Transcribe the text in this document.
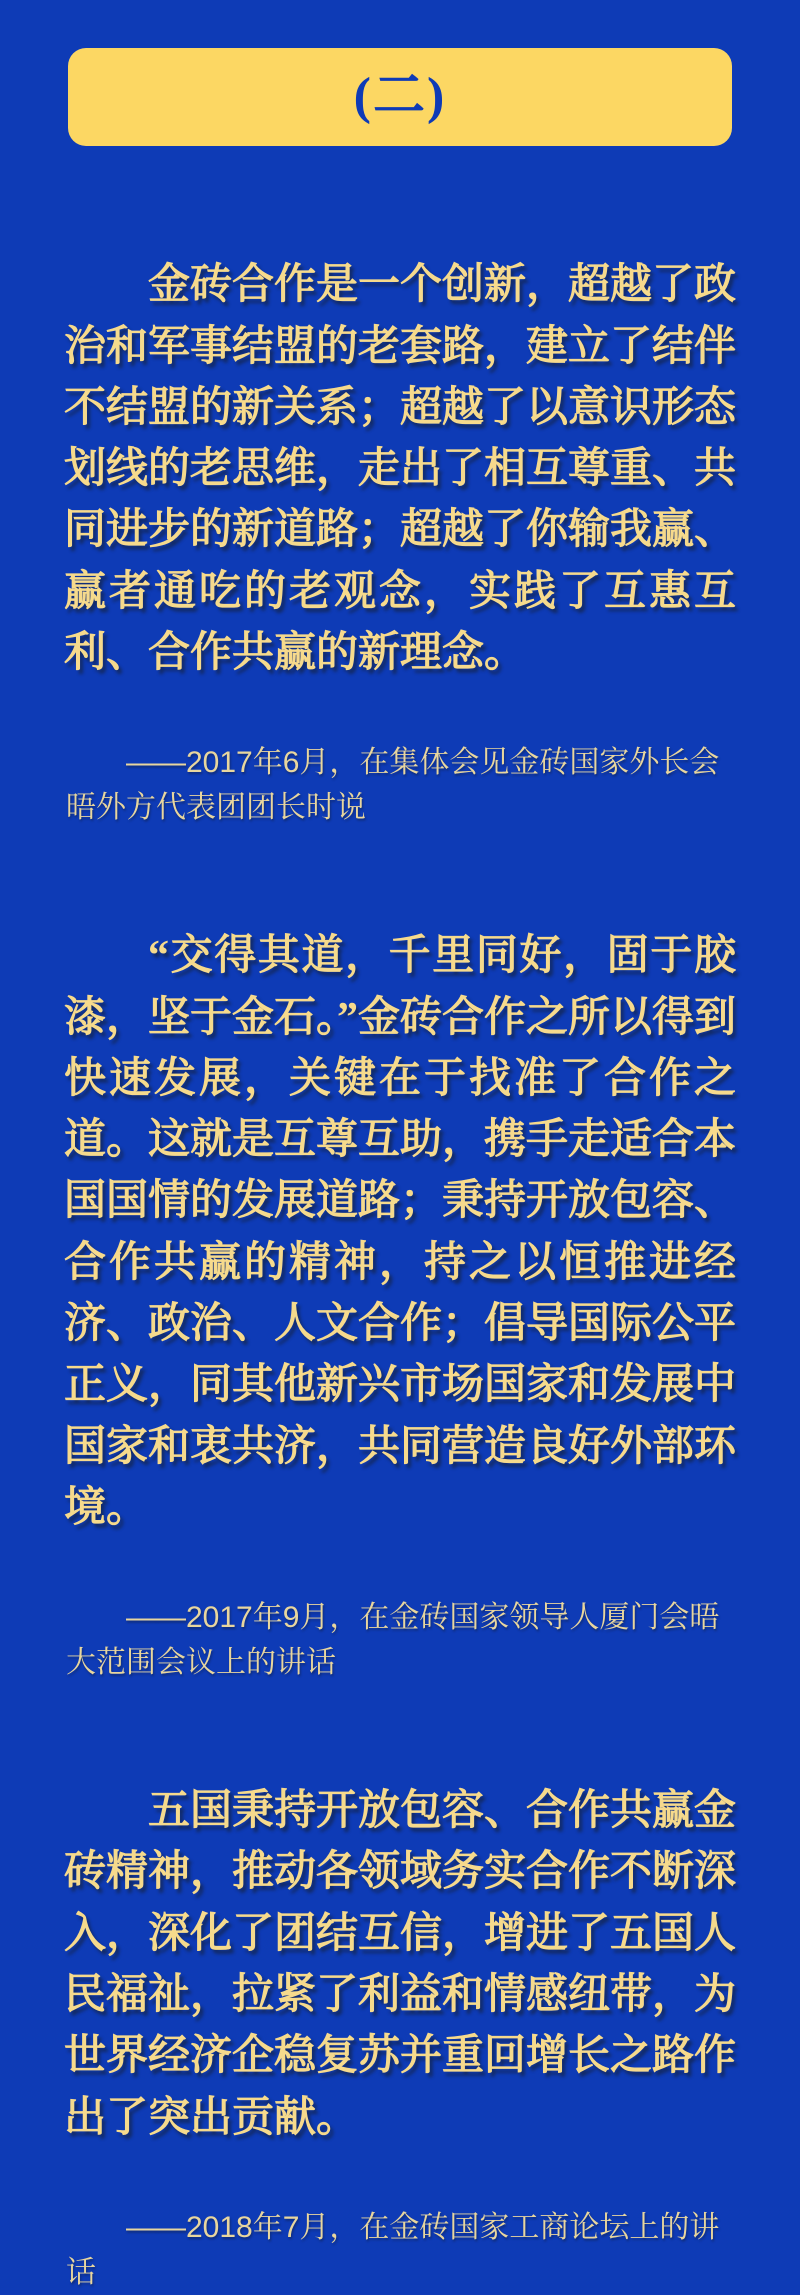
(二)

金砖合作是一个创新，超越了政治和军事结盟的老套路，建立了结伴不结盟的新关系；超越了以意识形态划线的老思维，走出了相互尊重、共同进步的新道路；超越了你输我赢、赢者通吃的老观念，实践了互惠互利、合作共赢的新理念。

——2017年6月，在集体会见金砖国家外长会晤外方代表团团长时说

“交得其道，千里同好，固于胶漆，坚于金石。”金砖合作之所以得到快速发展，关键在于找准了合作之道。这就是互尊互助，携手走适合本国国情的发展道路；秉持开放包容、合作共赢的精神，持之以恒推进经济、政治、人文合作；倡导国际公平正义，同其他新兴市场国家和发展中国家和衷共济，共同营造良好外部环境。

——2017年9月，在金砖国家领导人厦门会晤大范围会议上的讲话

五国秉持开放包容、合作共赢金砖精神，推动各领域务实合作不断深入，深化了团结互信，增进了五国人民福祉，拉紧了利益和情感纽带，为世界经济企稳复苏并重回增长之路作出了突出贡献。

——2018年7月，在金砖国家工商论坛上的讲话
